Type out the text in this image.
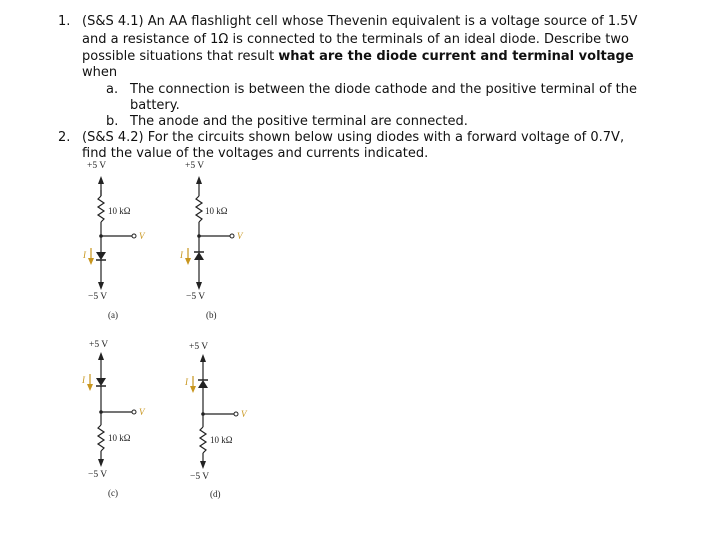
1. (S&S 4.1) An AA flashlight cell whose Thevenin equivalent is a voltage source of 1.5V
and a resistance of 1Ω is connected to the terminals of an ideal diode. Describe two
possible situations that result what are the diode current and terminal voltage
when
a. The connection is between the diode cathode and the positive terminal of the
battery.
b. The anode and the positive terminal are connected.
2. (S&S 4.2) For the circuits shown below using diodes with a forward voltage of 0.7V,
find the value of the voltages and currents indicated.
+5 V
10 kΩ
V
I
−5 V
(a)
+5 V
10 kΩ
V
I
−5 V
(b)
+5 V
I
V
10 kΩ
−5 V
(c)
+5 V
I
V
10 kΩ
−5 V
(d)
